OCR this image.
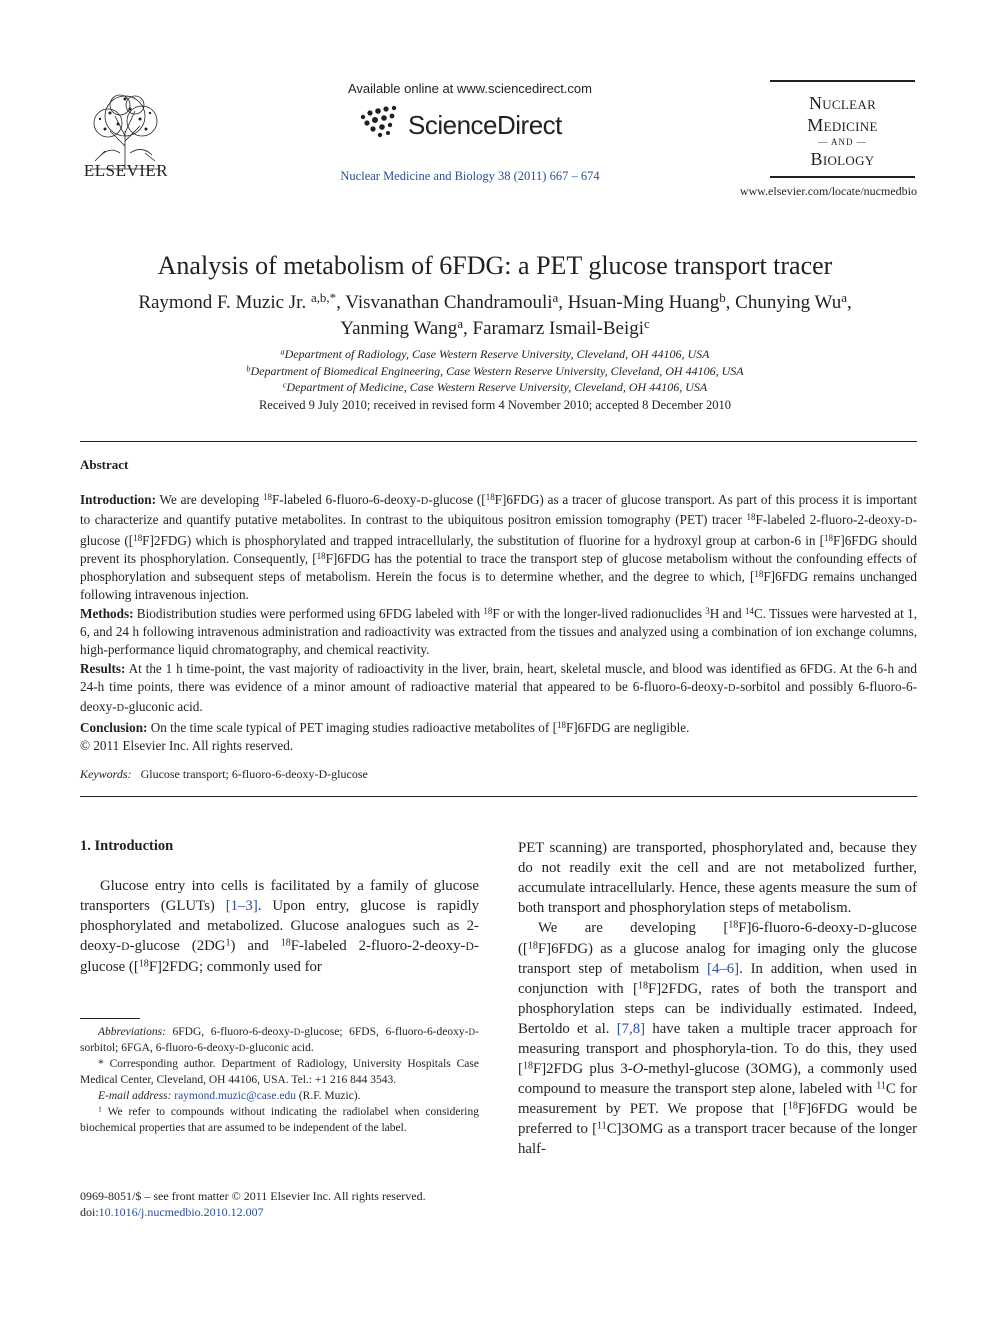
ELSEVIER
Available online at www.sciencedirect.com
ScienceDirect
Nuclear Medicine and Biology 38 (2011) 667 – 674
Nuclear
Medicine
— AND —
Biology
www.elsevier.com/locate/nucmedbio
Analysis of metabolism of 6FDG: a PET glucose transport tracer
Raymond F. Muzic Jr. $^{a,b,*}$, Visvanathan Chandramouli$^a$, Hsuan-Ming Huang$^b$, Chunying Wu$^a$,
Yanming Wang$^a$, Faramarz Ismail-Beigi$^c$
$^a$Department of Radiology, Case Western Reserve University, Cleveland, OH 44106, USA
$^b$Department of Biomedical Engineering, Case Western Reserve University, Cleveland, OH 44106, USA
$^c$Department of Medicine, Case Western Reserve University, Cleveland, OH 44106, USA
Received 9 July 2010; received in revised form 4 November 2010; accepted 8 December 2010
Abstract

Introduction: We are developing $^{18}$F-labeled 6-fluoro-6-deoxy-D-glucose ([$^{18}$F]6FDG) as a tracer of glucose transport. As part of this process it is important to characterize and quantify putative metabolites. In contrast to the ubiquitous positron emission tomography (PET) tracer $^{18}$F-labeled 2-fluoro-2-deoxy-D-glucose ([$^{18}$F]2FDG) which is phosphorylated and trapped intracellularly, the substitution of fluorine for a hydroxyl group at carbon-6 in [$^{18}$F]6FDG should prevent its phosphorylation. Consequently, [$^{18}$F]6FDG has the potential to trace the transport step of glucose metabolism without the confounding effects of phosphorylation and subsequent steps of metabolism. Herein the focus is to determine whether, and the degree to which, [$^{18}$F]6FDG remains unchanged following intravenous injection.

Methods: Biodistribution studies were performed using 6FDG labeled with $^{18}$F or with the longer-lived radionuclides $^3$H and $^{14}$C. Tissues were harvested at 1, 6, and 24 h following intravenous administration and radioactivity was extracted from the tissues and analyzed using a combination of ion exchange columns, high-performance liquid chromatography, and chemical reactivity.

Results: At the 1 h time-point, the vast majority of radioactivity in the liver, brain, heart, skeletal muscle, and blood was identified as 6FDG. At the 6-h and 24-h time points, there was evidence of a minor amount of radioactive material that appeared to be 6-fluoro-6-deoxy-D-sorbitol and possibly 6-fluoro-6-deoxy-D-gluconic acid.

Conclusion: On the time scale typical of PET imaging studies radioactive metabolites of [$^{18}$F]6FDG are negligible.

© 2011 Elsevier Inc. All rights reserved.

Keywords: Glucose transport; 6-fluoro-6-deoxy-D-glucose
1. Introduction

Glucose entry into cells is facilitated by a family of glucose transporters (GLUTs) [1–3]. Upon entry, glucose is rapidly phosphorylated and metabolized. Glucose analogues such as 2-deoxy-D-glucose $(2DG^1)$ and $^{18}$F-labeled 2-fluoro-2-deoxy-D-glucose ([$^{18}$F]2FDG; commonly used for

Abbreviations: 6FDG, 6-fluoro-6-deoxy-D-glucose; 6FDS, 6-fluoro-6-deoxy-D-sorbitol; 6FGA, 6-fluoro-6-deoxy-D-gluconic acid.

* Corresponding author. Department of Radiology, University Hospitals Case Medical Center, Cleveland, OH 44106, USA. Tel.: +1 216 844 3543.

E-mail address: raymond.muzic@case.edu (R.F. Muzic).

$^1$ We refer to compounds without indicating the radiolabel when considering biochemical properties that are assumed to be independent of the label.

0969-8051/$ – see front matter © 2011 Elsevier Inc. All rights reserved.
doi:10.1016/j.nucmedbio.2010.12.007

PET scanning) are transported, phosphorylated and, because they do not readily exit the cell and are not metabolized further, accumulate intracellularly. Hence, these agents measure the sum of both transport and phosphorylation steps of metabolism.

We are developing [$^{18}$F]6-fluoro-6-deoxy-D-glucose ([$^{18}$F]6FDG) as a glucose analog for imaging only the glucose transport step of metabolism [4–6]. In addition, when used in conjunction with [$^{18}$F]2FDG, rates of both the transport and phosphorylation steps can be individually estimated. Indeed, Bertoldo et al. [7,8] have taken a multiple tracer approach for measuring transport and phosphoryla-tion. To do this, they used [$^{18}$F]2FDG plus 3-O-methyl-glucose (3OMG), a commonly used compound to measure the transport step alone, labeled with $^{11}$C for measurement by PET. We propose that [$^{18}$F]6FDG would be preferred to [$^{11}$C]3OMG as a transport tracer because of the longer half-
